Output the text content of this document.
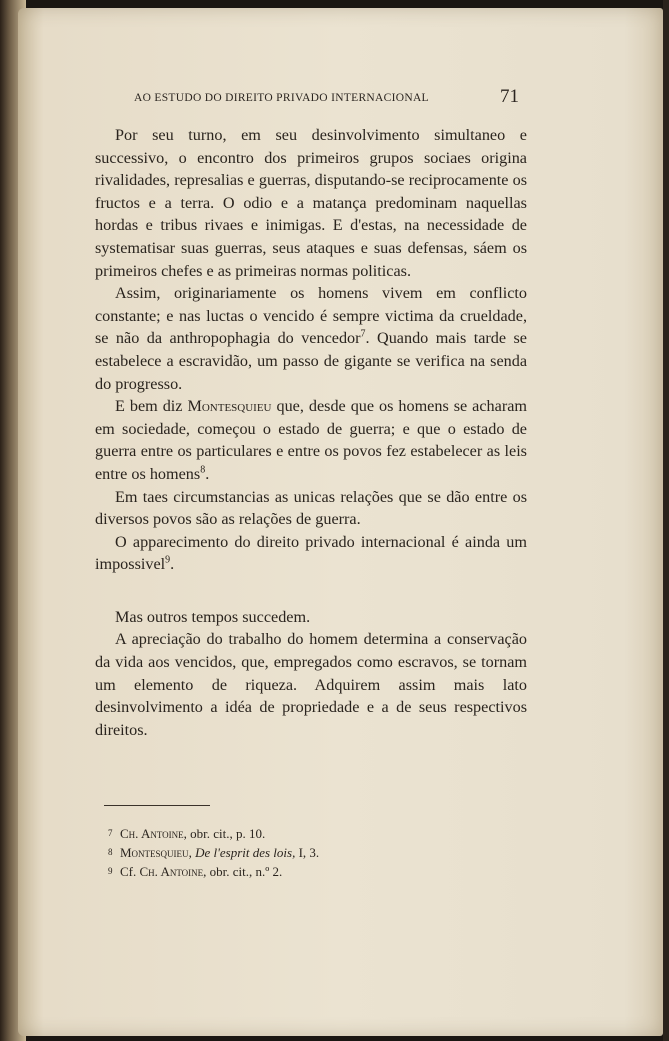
AO ESTUDO DO DIREITO PRIVADO INTERNACIONAL	71

Por seu turno, em seu desinvolvimento simultaneo e successivo, o encontro dos primeiros grupos sociaes origina rivalidades, represalias e guerras, disputando-se reciprocamente os fructos e a terra. O odio e a matança predominam naquellas hordas e tribus rivaes e inimigas. E d'estas, na necessidade de systematisar suas guerras, seus ataques e suas defensas, sáem os primeiros chefes e as primeiras normas politicas.

Assim, originariamente os homens vivem em conflicto constante; e nas luctas o vencido é sempre victima da crueldade, se não da anthropophagia do vencedor$^7$. Quando mais tarde se estabelece a escravidão, um passo de gigante se verifica na senda do progresso.

E bem diz Montesquieu que, desde que os homens se acharam em sociedade, começou o estado de guerra; e que o estado de guerra entre os particulares e entre os povos fez estabelecer as leis entre os homens$^8$.

Em taes circumstancias as unicas relações que se dão entre os diversos povos são as relações de guerra.

O apparecimento do direito privado internacional é ainda um impossivel$^9$.

Mas outros tempos succedem.

A apreciação do trabalho do homem determina a conservação da vida aos vencidos, que, empregados como escravos, se tornam um elemento de riqueza. Adquirem assim mais lato desinvolvimento a idéa de propriedade e a de seus respectivos direitos.

7 Ch. Antoine, obr. cit., p. 10.
8 Montesquieu, De l'esprit des lois, I, 3.
9 Cf. Ch. Antoine, obr. cit., n.º 2.
